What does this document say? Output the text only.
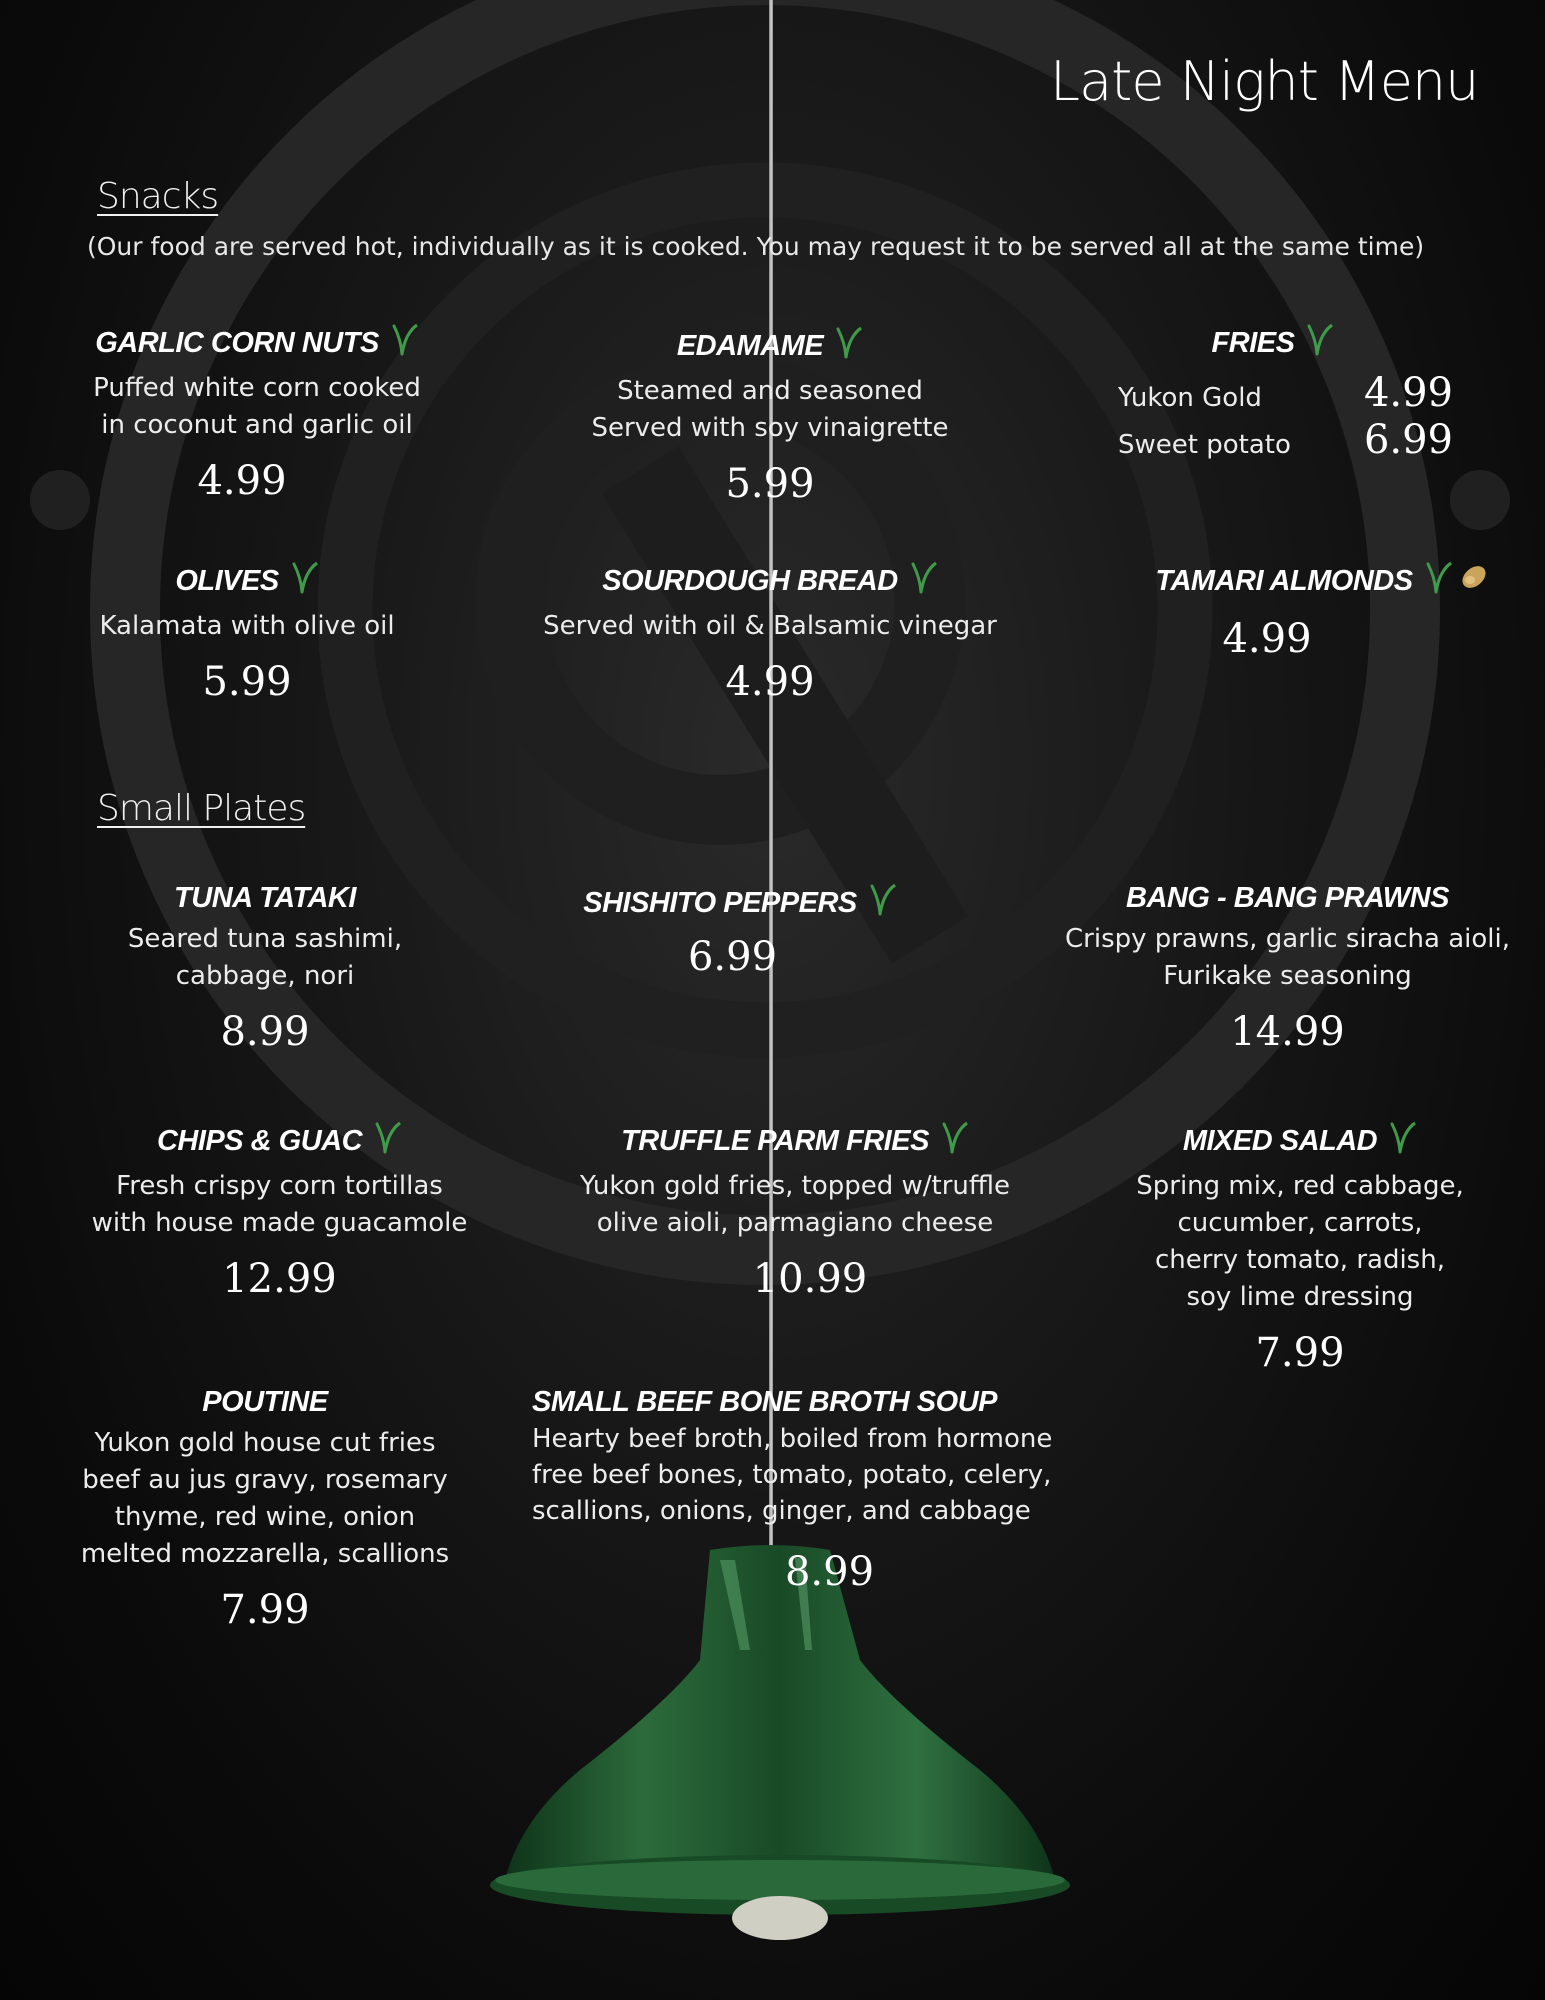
Late Night Menu
Snacks
(Our food are served hot, individually as it is cooked. You may request it to be served all at the same time)
GARLIC CORN NUTS
Puffed white corn cooked
in coconut and garlic oil
4.99
EDAMAME
Steamed and seasoned
Served with soy vinaigrette
5.99
FRIES
Yukon Gold	4.99
Sweet potato 6.99
OLIVES
Kalamata with olive oil
5.99
SOURDOUGH BREAD
Served with oil & Balsamic vinegar
4.99
TAMARI ALMONDS
4.99
Small Plates
TUNA TATAKI
Seared tuna sashimi,
cabbage, nori
8.99
SHISHITO PEPPERS
6.99
BANG - BANG PRAWNS
Crispy prawns, garlic siracha aioli,
Furikake seasoning
14.99
CHIPS & GUAC
Fresh crispy corn tortillas
with house made guacamole
12.99
TRUFFLE PARM FRIES
Yukon gold fries, topped w/truffle
olive aioli, parmagiano cheese
10.99
MIXED SALAD
Spring mix, red cabbage,
cucumber, carrots,
cherry tomato, radish,
soy lime dressing
7.99
POUTINE
Yukon gold house cut fries
beef au jus gravy, rosemary
thyme, red wine, onion
melted mozzarella, scallions
7.99
SMALL BEEF BONE BROTH SOUP
Hearty beef broth, boiled from hormone
free beef bones, tomato, potato, celery,
scallions, onions, ginger, and cabbage
8.99
